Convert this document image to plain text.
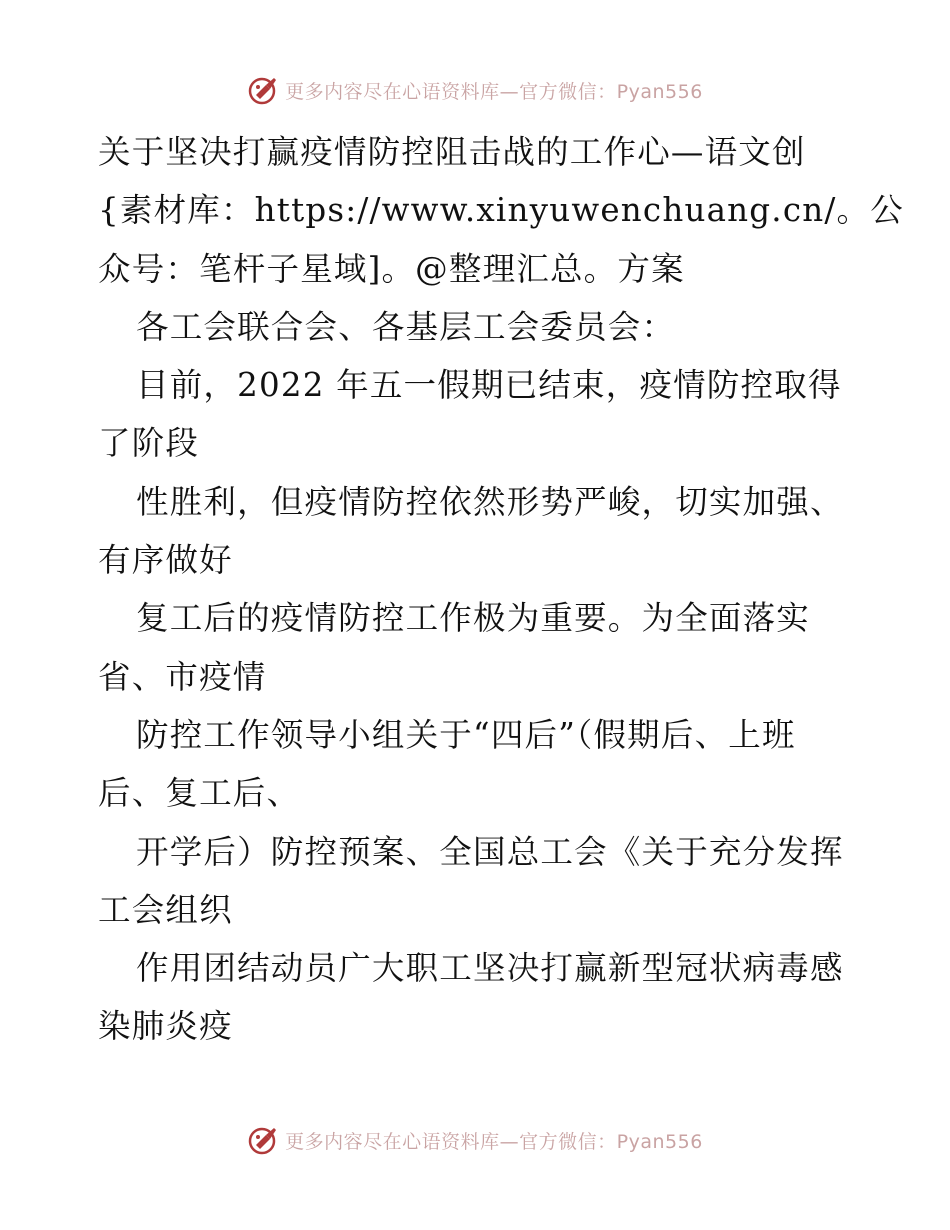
更多内容尽在心语资料库—官方微信：Pyan556
关于坚决打赢疫情防控阻击战的工作心—语文创
{素材库：https://www.xinyuwenchuang.cn/。公
众号：笔杆子星域]。@整理汇总。方案
各工会联合会、各基层工会委员会：
目前，2022 年五一假期已结束，疫情防控取得
了阶段
性胜利，但疫情防控依然形势严峻，切实加强、
有序做好
复工后的疫情防控工作极为重要。为全面落实
省、市疫情
防控工作领导小组关于“四后”（假期后、上班
后、复工后、
开学后）防控预案、全国总工会《关于充分发挥
工会组织
作用团结动员广大职工坚决打赢新型冠状病毒感
染肺炎疫
更多内容尽在心语资料库—官方微信：Pyan556
